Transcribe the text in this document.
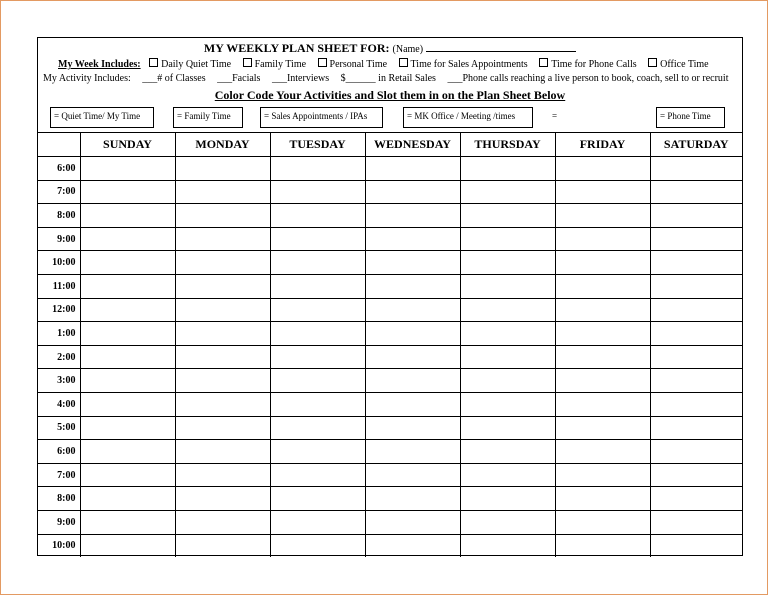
MY WEEKLY PLAN SHEET FOR: (Name)
My Week Includes: Daily Quiet Time Family Time Personal Time Time for Sales Appointments Time for Phone Calls Office Time
My Activity Includes: ___# of Classes ___Facials ___Interviews $______ in Retail Sales ___Phone calls reaching a live person to book, coach, sell to or recruit
Color Code Your Activities and Slot them in on the Plan Sheet Below
= Quiet Time/ My Time	= Family Time	= Sales Appointments / IPAs	= MK Office / Meeting /times	=	= Phone Time
	SUNDAY	MONDAY	TUESDAY	WEDNESDAY	THURSDAY	FRIDAY	SATURDAY
6:00							
7:00							
8:00							
9:00							
10:00							
11:00							
12:00							
1:00							
2:00							
3:00							
4:00							
5:00							
6:00							
7:00							
8:00							
9:00							
10:00							
